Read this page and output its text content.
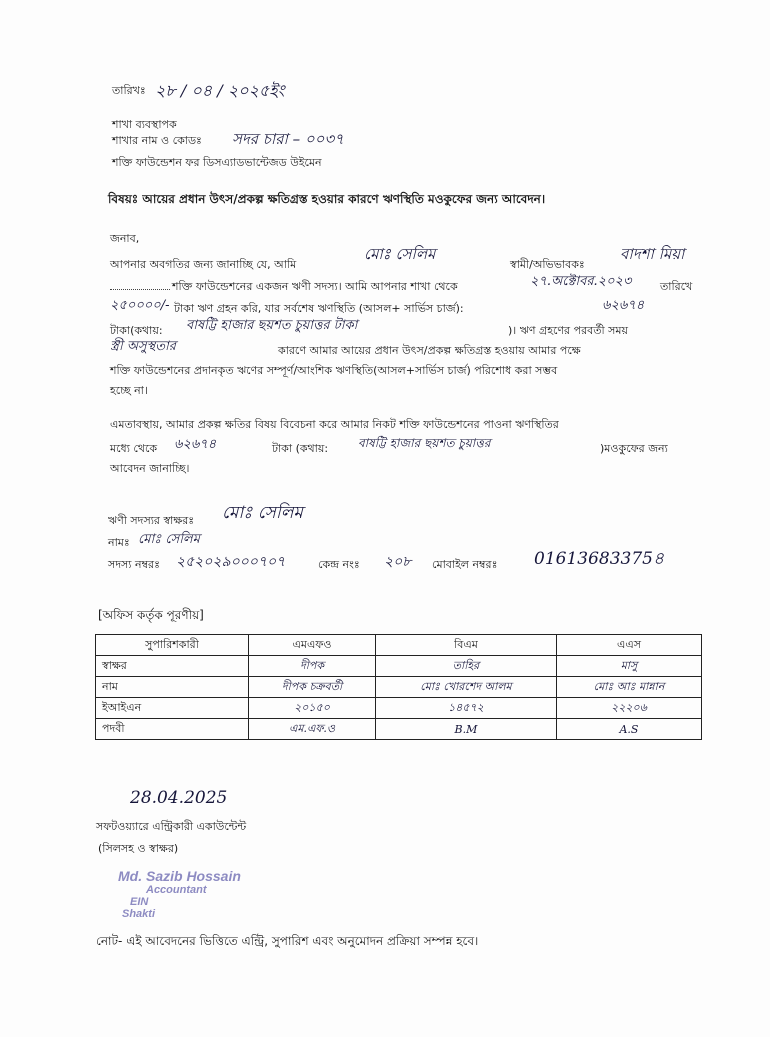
তারিখঃ ২৮ / ০৪ / ২০২৫ইং
শাখা ব্যবস্থাপক
শাখার নাম ও কোডঃ সদর চারা – ০০৩৭
শক্তি ফাউন্ডেশন ফর ডিসএ্যাডভান্টেজড উইমেন
বিষয়ঃ আয়ের প্রধান উৎস/প্রকল্প ক্ষতিগ্রস্ত হওয়ার কারণে ঋণস্থিতি মওকুফের জন্য আবেদন।
জনাব,
আপনার অবগতির জন্য জানাচ্ছি যে, আমি
মোঃ সেলিম
স্বামী/অভিভাবকঃ
বাদশা মিয়া
শক্তি ফাউন্ডেশনের একজন ঋণী সদস্য। আমি আপনার শাখা থেকে	২৭.অক্টোবর.২০২৩	তারিখে
২৫০০০০/- টাকা ঋণ গ্রহন করি, যার সর্বশেষ ঋণস্থিতি (আসল+ সার্ভিস চার্জ):	৬২৬৭৪
টাকা(কথায়: বাষট্টি হাজার ছয়শত চুয়াত্তর টাকা	)। ঋণ গ্রহণের পরবর্তী সময়
স্ত্রী অসুস্থতার	কারণে আমার আয়ের প্রধান উৎস/প্রকল্প ক্ষতিগ্রস্ত হওয়ায় আমার পক্ষে
শক্তি ফাউন্ডেশনের প্রদানকৃত ঋণের সম্পূর্ণ/আংশিক ঋণস্থিতি(আসল+সার্ভিস চার্জ) পরিশোধ করা সম্ভব
হচ্ছে না।
এমতাবস্থায়, আমার প্রকল্প ক্ষতির বিষয় বিবেচনা করে আমার নিকট শক্তি ফাউন্ডেশনের পাওনা ঋণস্থিতির
মধ্যে থেকে ৬২৬৭৪	টাকা (কথায়: বাষট্টি হাজার ছয়শত চুয়াত্তর	)মওকুফের জন্য
আবেদন জানাচ্ছি।
ঋণী সদস্যর স্বাক্ষরঃ মোঃ সেলিম
নামঃ মোঃ সেলিম
সদস্য নম্বরঃ ২৫২০২৯০০০৭০৭	কেন্দ্র নংঃ ২০৮ মোবাইল নম্বরঃ 01613683375৪
[অফিস কর্তৃক পূরণীয়]
সুপারিশকারী	এমএফও	বিএম	এএস
স্বাক্ষর	দীপক	তাহির	মাসু
নাম	দীপক চক্রবর্তী	মোঃ খোরশেদ আলম	মোঃ আঃ মান্নান
ইআইএন	২০১৫০	১৪৫৭২	২২২০৬
পদবী	এম.এফ.ও	B.M	A.S
28.04.2025
সফটওয়্যারে এন্ট্রিকারী একাউন্টেন্ট
(সিলসহ ও স্বাক্ষর)
Md. Sazib Hossain
Accountant
EIN
Shakti
নোট- এই আবেদনের ভিত্তিতে এন্ট্রি, সুপারিশ এবং অনুমোদন প্রক্রিয়া সম্পন্ন হবে।
